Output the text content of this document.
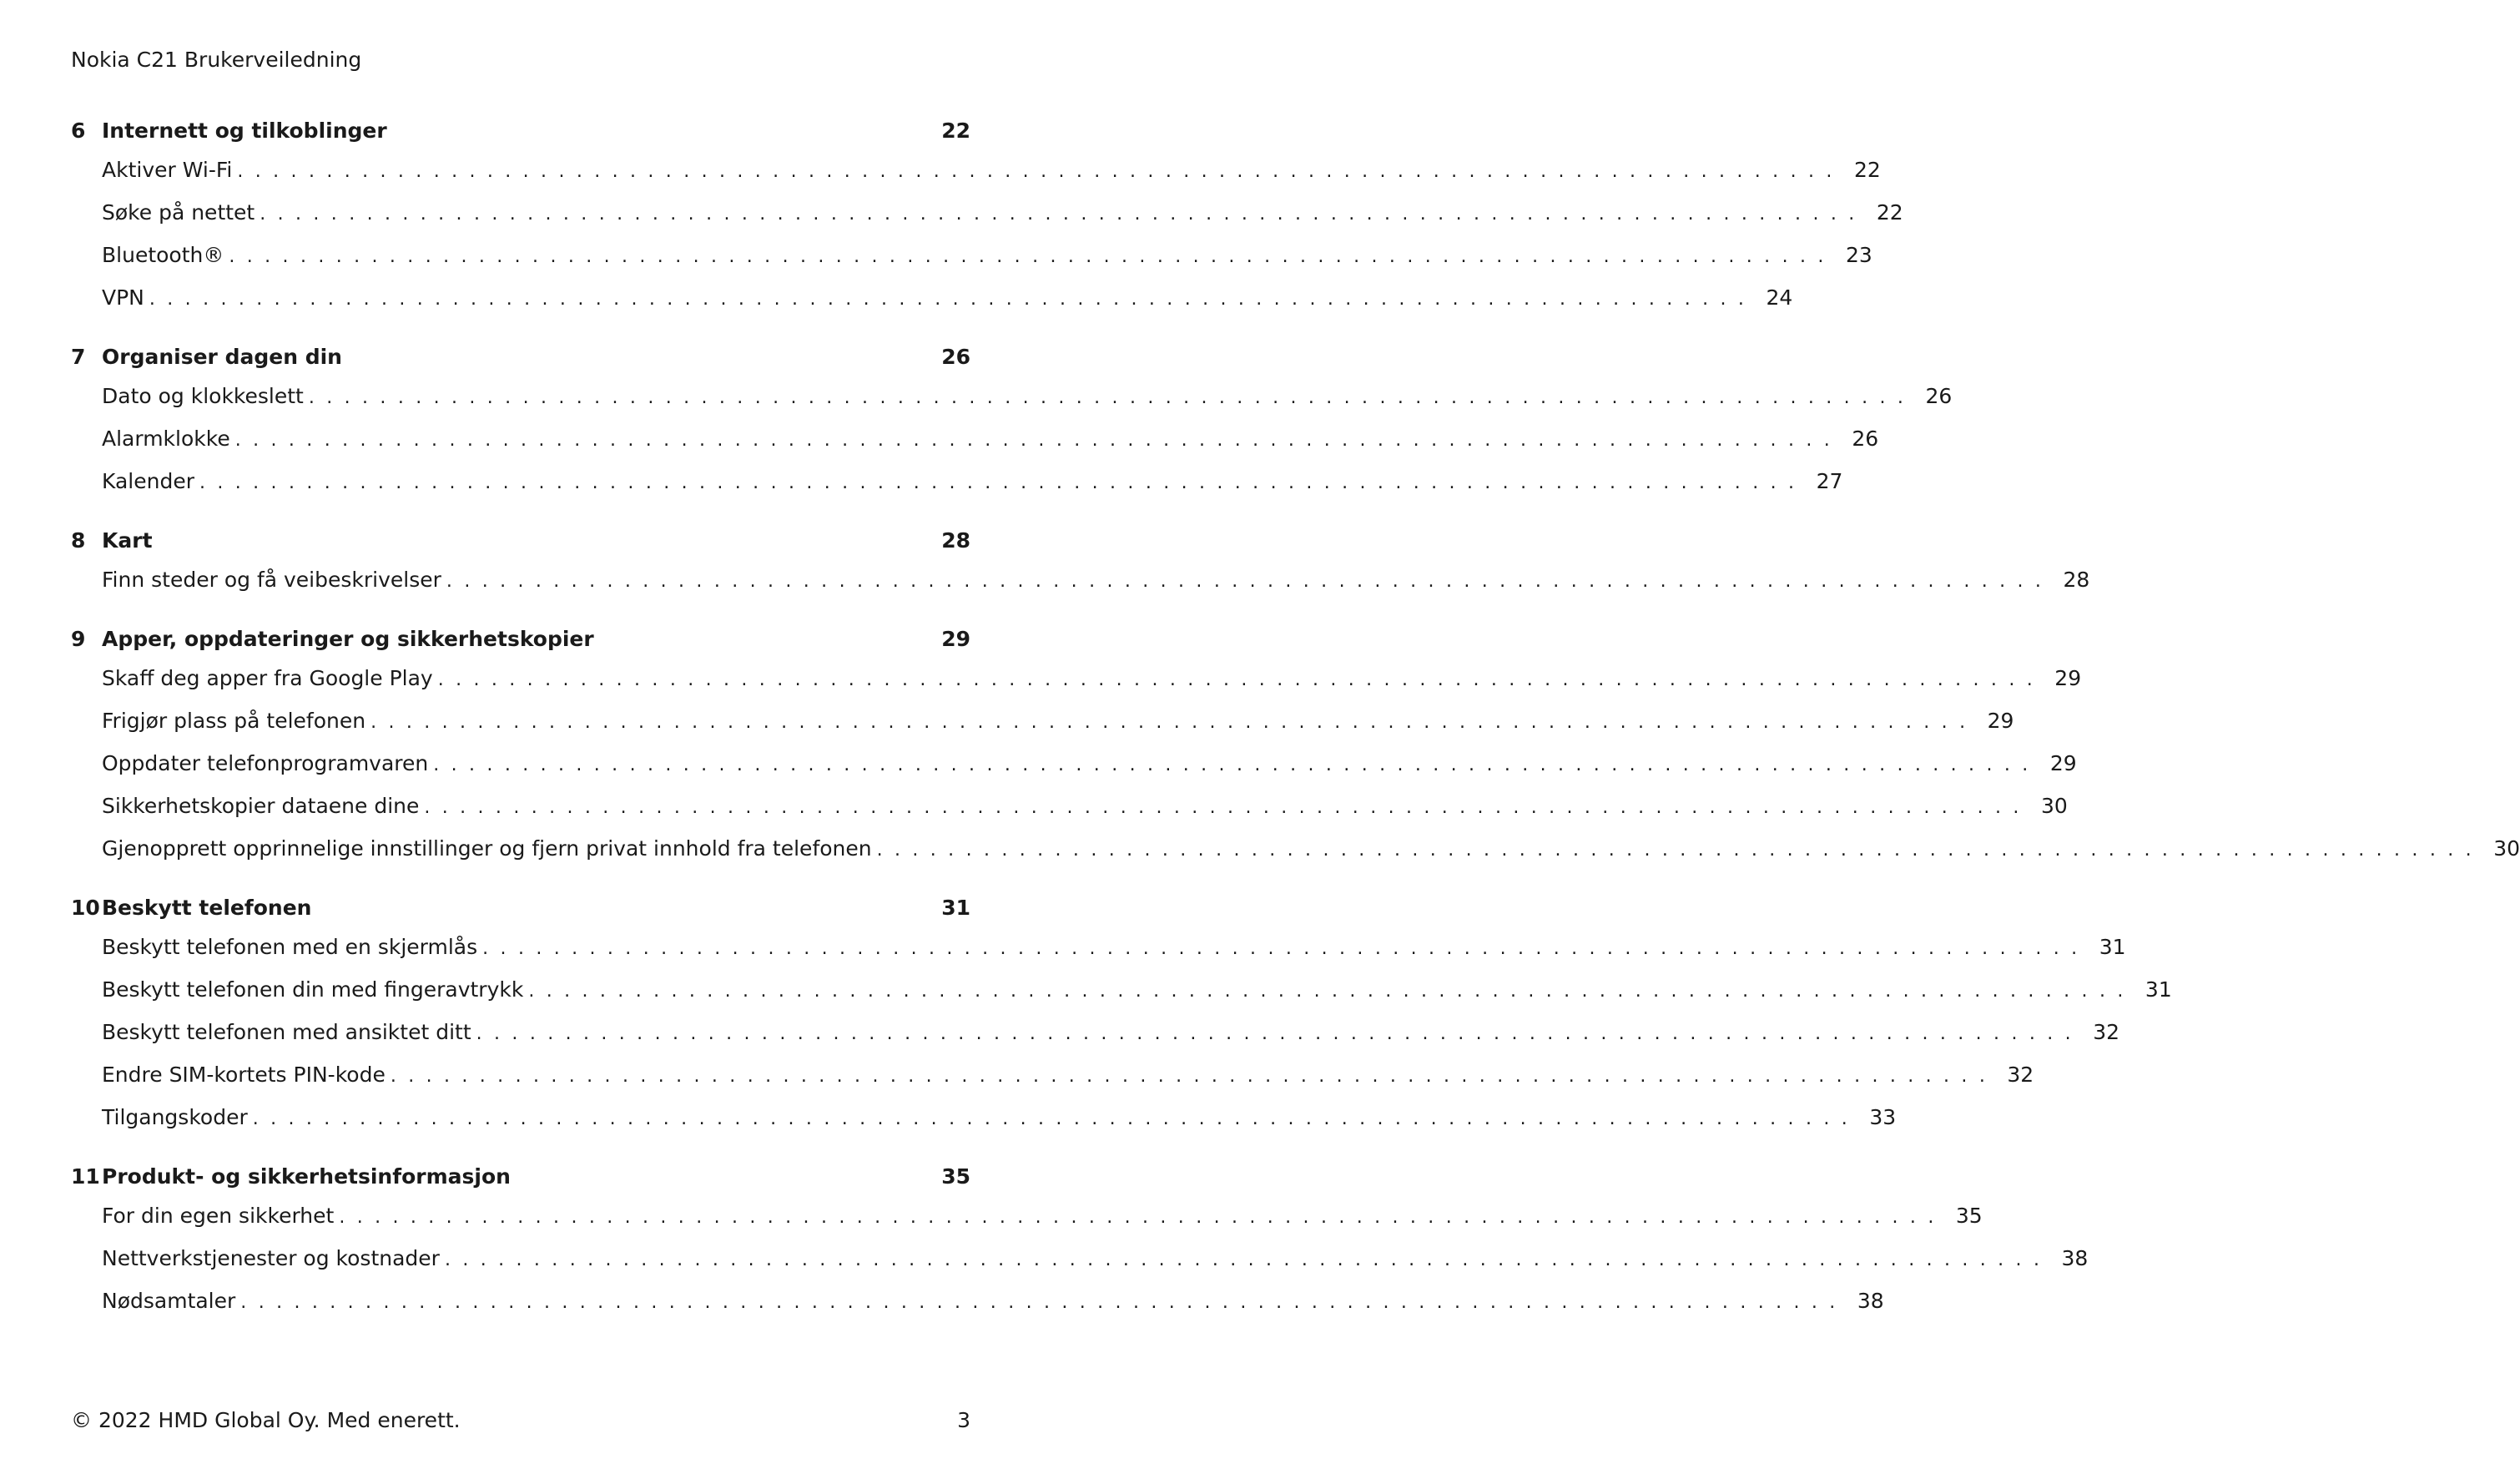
Nokia C21 Brukerveiledning
6 Internett og tilkoblinger	22
Aktiver Wi-Fi .......................................................................................... 22
Søke på nettet .......................................................................................... 22
Bluetooth® .......................................................................................... 23
VPN .......................................................................................... 24
7 Organiser dagen din	26
Dato og klokkeslett .......................................................................................... 26
Alarmklokke .......................................................................................... 26
Kalender .......................................................................................... 27
8 Kart	28
Finn steder og få veibeskrivelser .......................................................................................... 28
9 Apper, oppdateringer og sikkerhetskopier	29
Skaff deg apper fra Google Play .......................................................................................... 29
Frigjør plass på telefonen .......................................................................................... 29
Oppdater telefonprogramvaren .......................................................................................... 29
Sikkerhetskopier dataene dine .......................................................................................... 30
Gjenopprett opprinnelige innstillinger og fjern privat innhold fra telefonen .......................................................................................... 30
10 Beskytt telefonen	31
Beskytt telefonen med en skjermlås .......................................................................................... 31
Beskytt telefonen din med fingeravtrykk .......................................................................................... 31
Beskytt telefonen med ansiktet ditt .......................................................................................... 32
Endre SIM-kortets PIN-kode .......................................................................................... 32
Tilgangskoder .......................................................................................... 33
11 Produkt- og sikkerhetsinformasjon	35
For din egen sikkerhet .......................................................................................... 35
Nettverkstjenester og kostnader .......................................................................................... 38
Nødsamtaler .......................................................................................... 38
© 2022 HMD Global Oy. Med enerett.	3
